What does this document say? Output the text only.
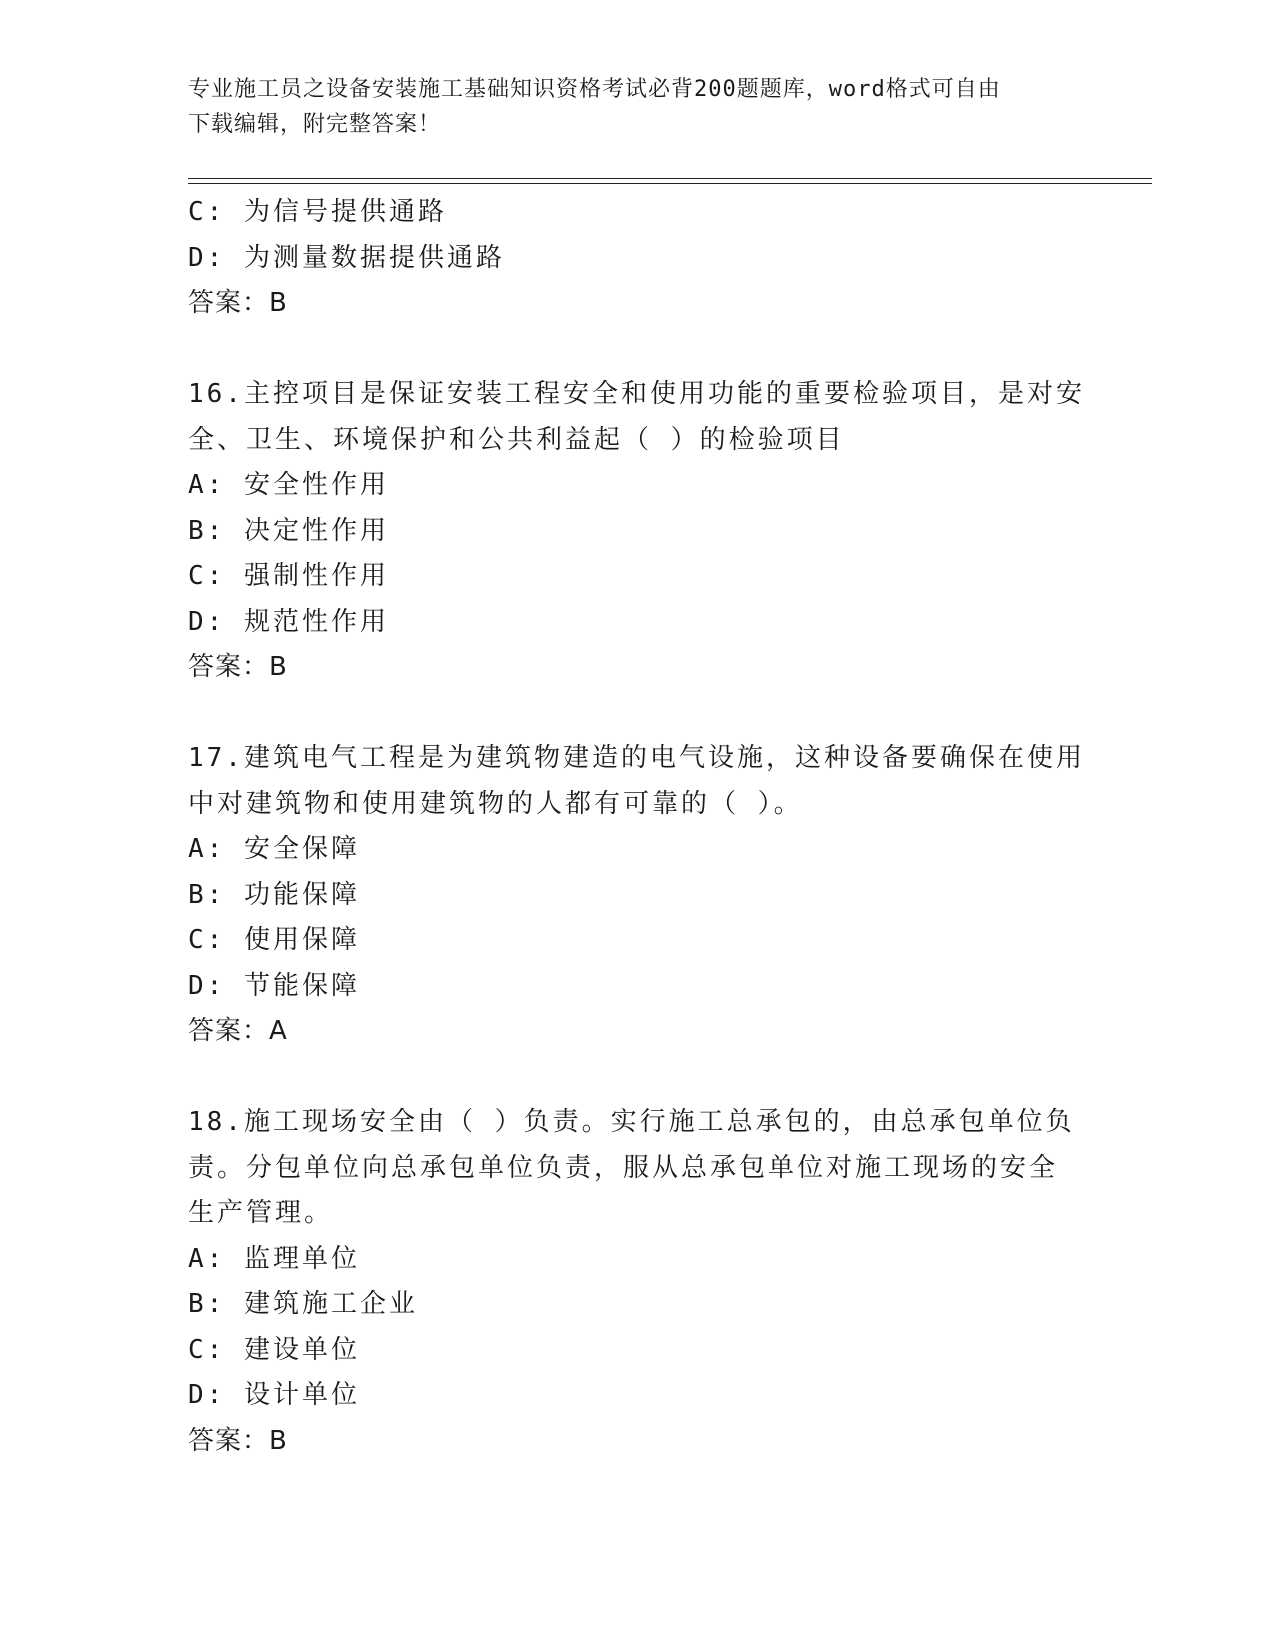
专业施工员之设备安装施工基础知识资格考试必背200题题库，word格式可自由
下载编辑，附完整答案！
C: 为信号提供通路
D: 为测量数据提供通路
答案：B
16.主控项目是保证安装工程安全和使用功能的重要检验项目，是对安
全、卫生、环境保护和公共利益起（ ）的检验项目
A: 安全性作用
B: 决定性作用
C: 强制性作用
D: 规范性作用
答案：B
17.建筑电气工程是为建筑物建造的电气设施，这种设备要确保在使用
中对建筑物和使用建筑物的人都有可靠的（ ）。
A: 安全保障
B: 功能保障
C: 使用保障
D: 节能保障
答案：A
18.施工现场安全由（ ）负责。实行施工总承包的，由总承包单位负
责。分包单位向总承包单位负责，服从总承包单位对施工现场的安全
生产管理。
A: 监理单位
B: 建筑施工企业
C: 建设单位
D: 设计单位
答案：B
